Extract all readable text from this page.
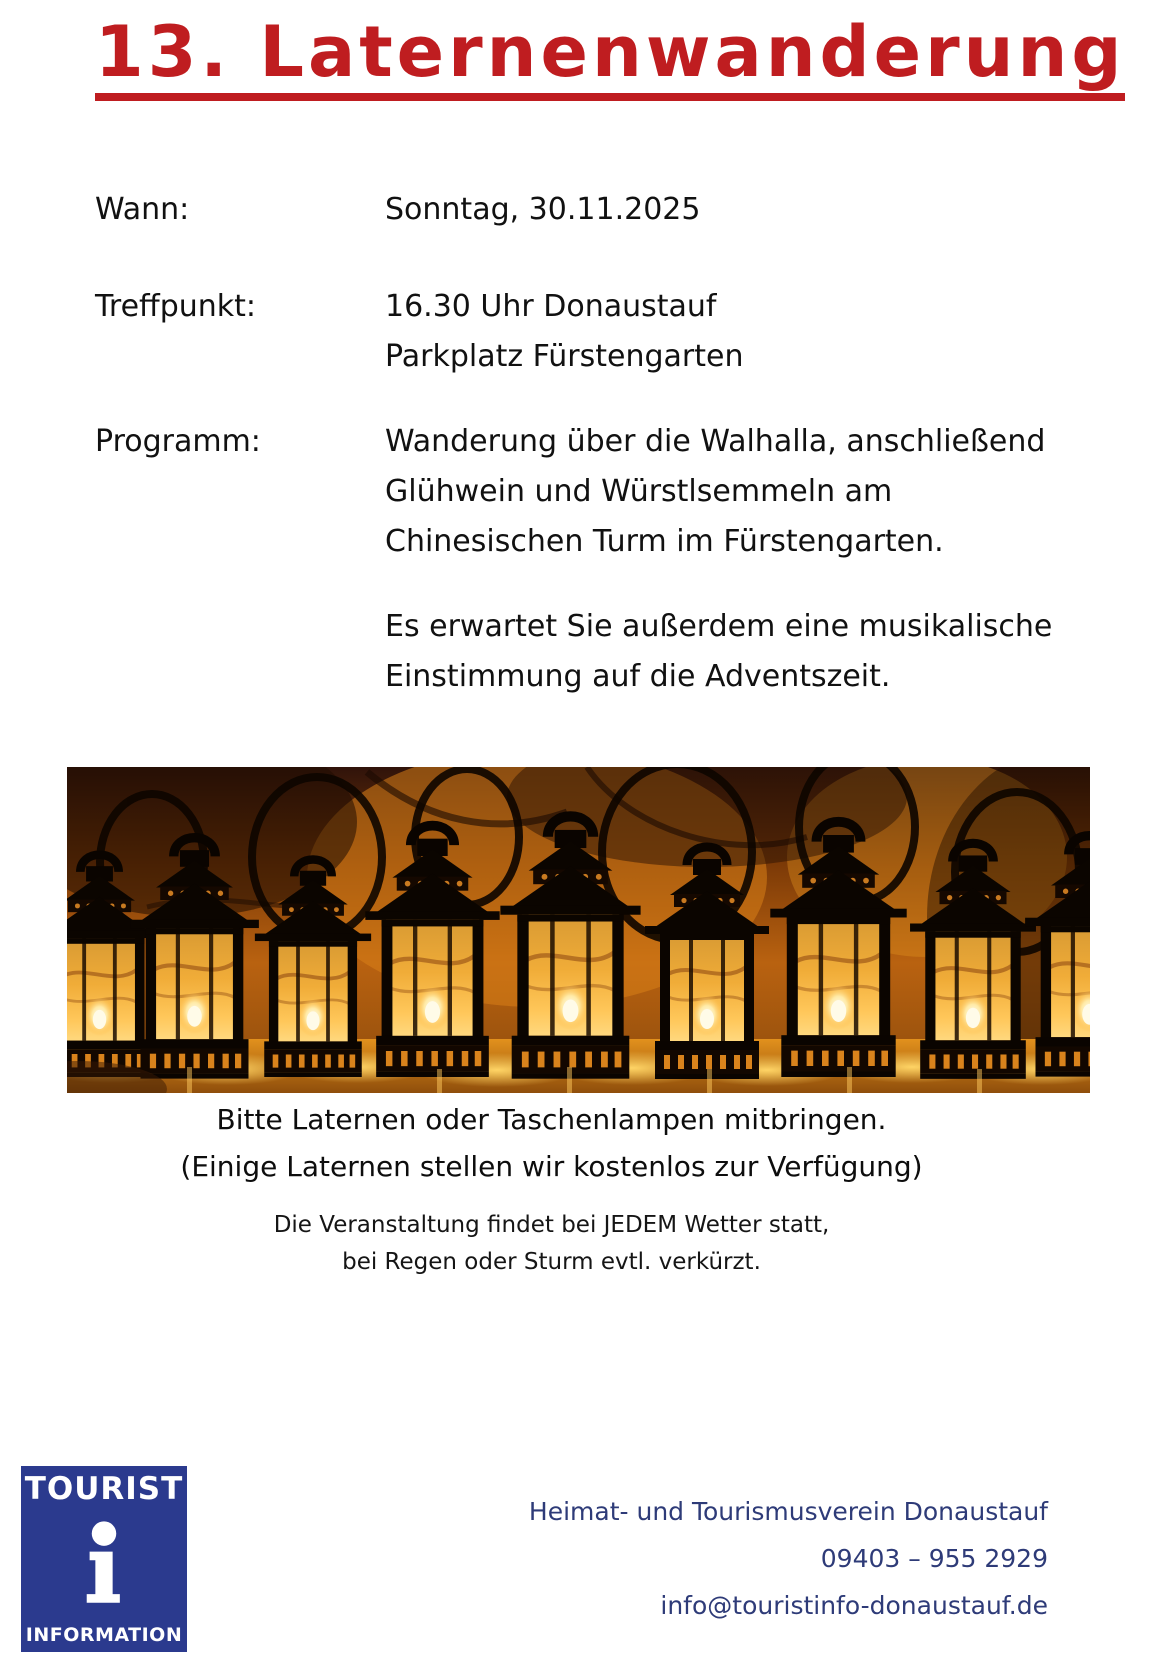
13. Laternenwanderung
Wann:	Sonntag, 30.11.2025
Treffpunkt:	16.30 Uhr Donaustauf
Parkplatz Fürstengarten
Programm:	Wanderung über die Walhalla, anschließend
Glühwein und Würstlsemmeln am
Chinesischen Turm im Fürstengarten.
Es erwartet Sie außerdem eine musikalische
Einstimmung auf die Adventszeit.
Bitte Laternen oder Taschenlampen mitbringen.
(Einige Laternen stellen wir kostenlos zur Verfügung)
Die Veranstaltung findet bei JEDEM Wetter statt,
bei Regen oder Sturm evtl. verkürzt.
TOURIST
INFORMATION
Heimat- und Tourismusverein Donaustauf
09403 – 955 2929
info@touristinfo-donaustauf.de
